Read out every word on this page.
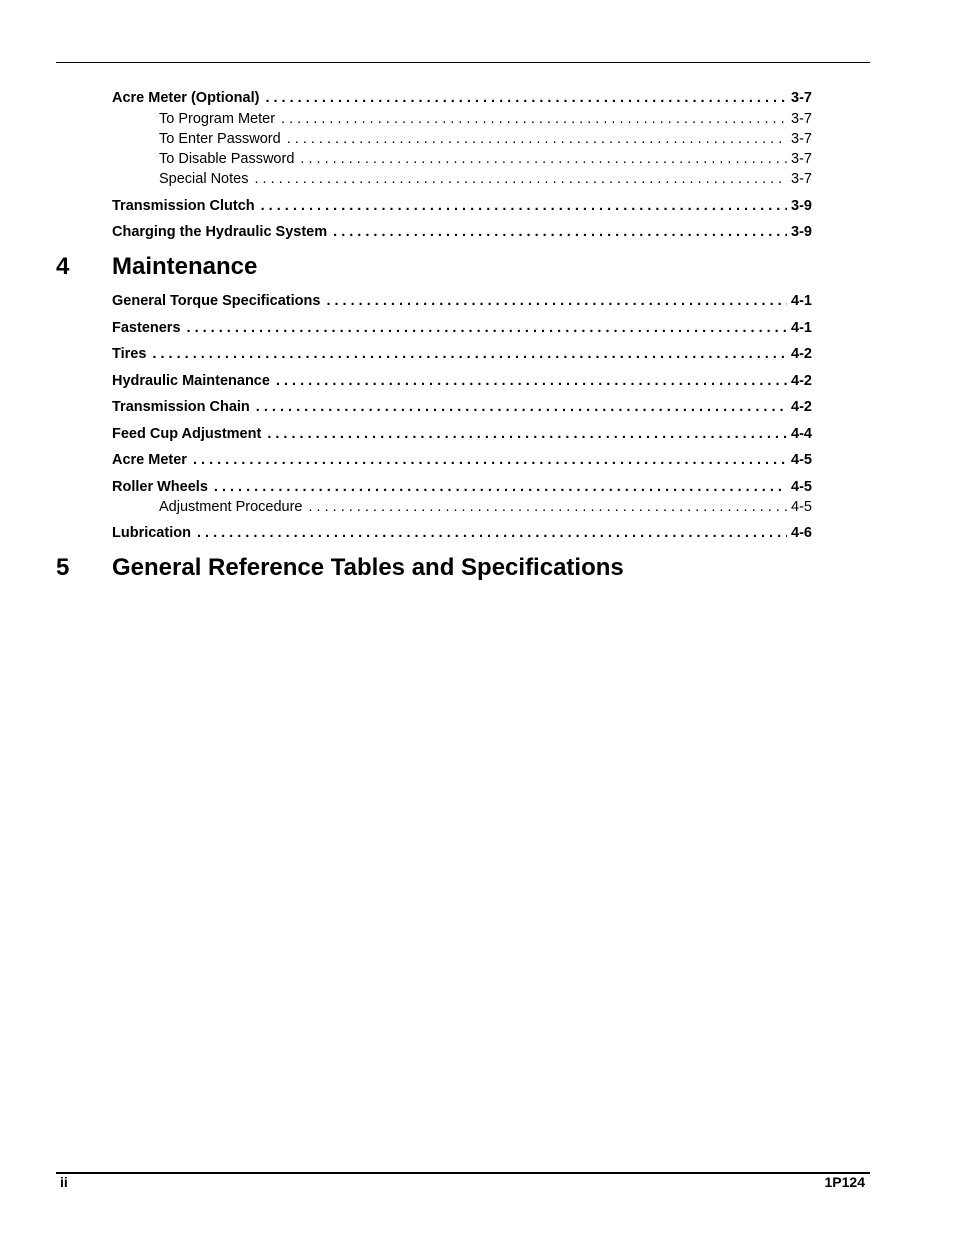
Acre Meter (Optional) . . .	3-7
To Program Meter . . .	3-7
To Enter Password . . .	3-7
To Disable Password . . .	3-7
Special Notes . . .	3-7
Transmission Clutch . . .	3-9
Charging the Hydraulic System . . .	3-9
4 Maintenance
General Torque Specifications . . .	4-1
Fasteners . . .	4-1
Tires . . .	4-2
Hydraulic Maintenance . . .	4-2
Transmission Chain . . .	4-2
Feed Cup Adjustment . . .	4-4
Acre Meter . . .	4-5
Roller Wheels . . .	4-5
Adjustment Procedure . . .	4-5
Lubrication . . .	4-6
5 General Reference Tables and Specifications
ii	1P124
